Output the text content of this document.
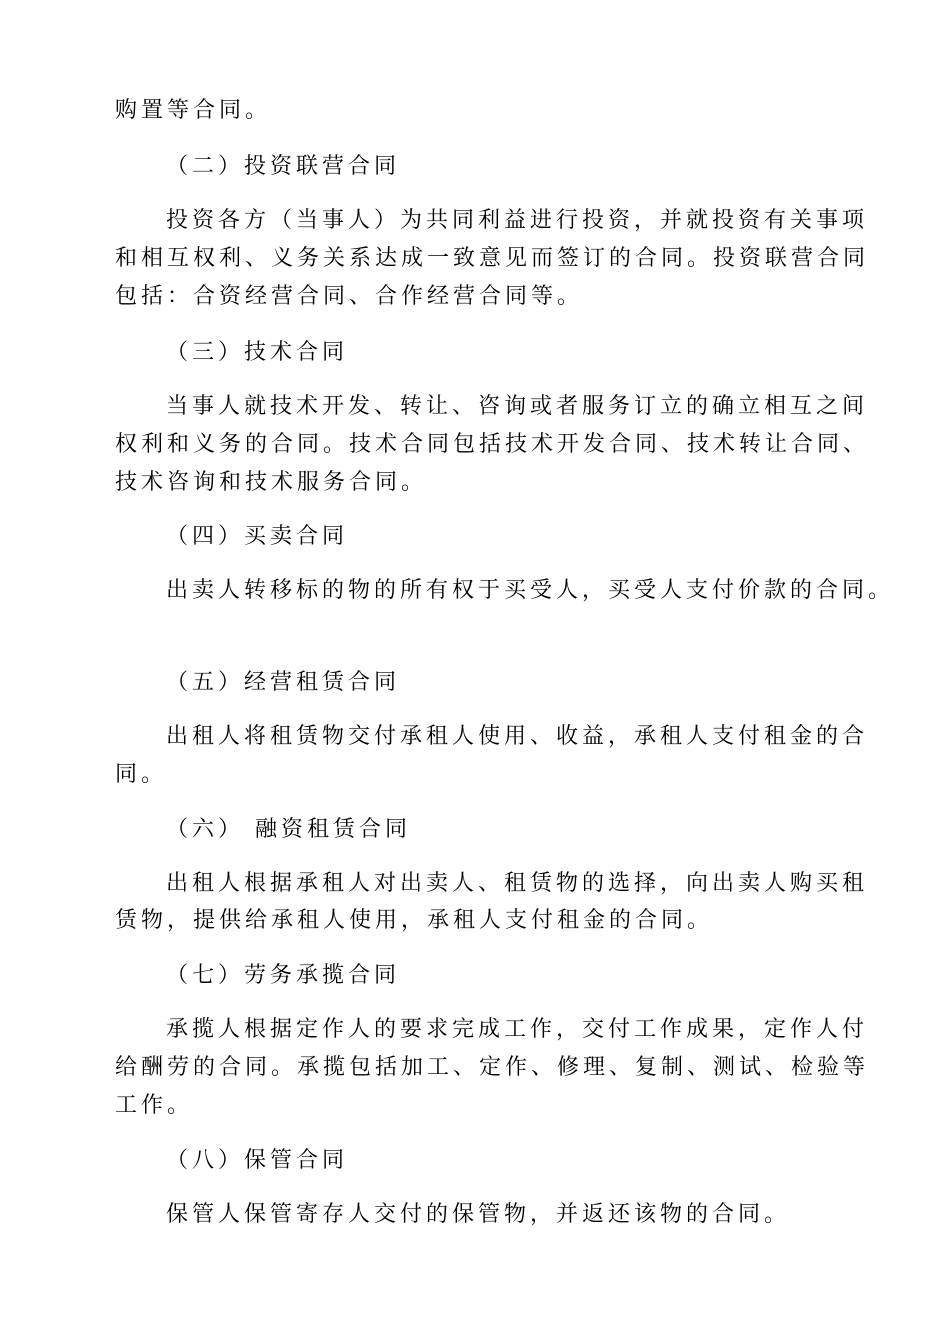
购置等合同。

（二）投资联营合同

投资各方（当事人）为共同利益进行投资，并就投资有关事项

和相互权利、义务关系达成一致意见而签订的合同。投资联营合同

包括：合资经营合同、合作经营合同等。

（三）技术合同

当事人就技术开发、转让、咨询或者服务订立的确立相互之间

权利和义务的合同。技术合同包括技术开发合同、技术转让合同、

技术咨询和技术服务合同。

（四）买卖合同

出卖人转移标的物的所有权于买受人，买受人支付价款的合同。

（五）经营租赁合同

出租人将租赁物交付承租人使用、收益，承租人支付租金的合

同。

（六） 融资租赁合同

出租人根据承租人对出卖人、租赁物的选择，向出卖人购买租

赁物，提供给承租人使用，承租人支付租金的合同。

（七）劳务承揽合同

承揽人根据定作人的要求完成工作，交付工作成果，定作人付

给酬劳的合同。承揽包括加工、定作、修理、复制、测试、检验等

工作。

（八）保管合同

保管人保管寄存人交付的保管物，并返还该物的合同。
